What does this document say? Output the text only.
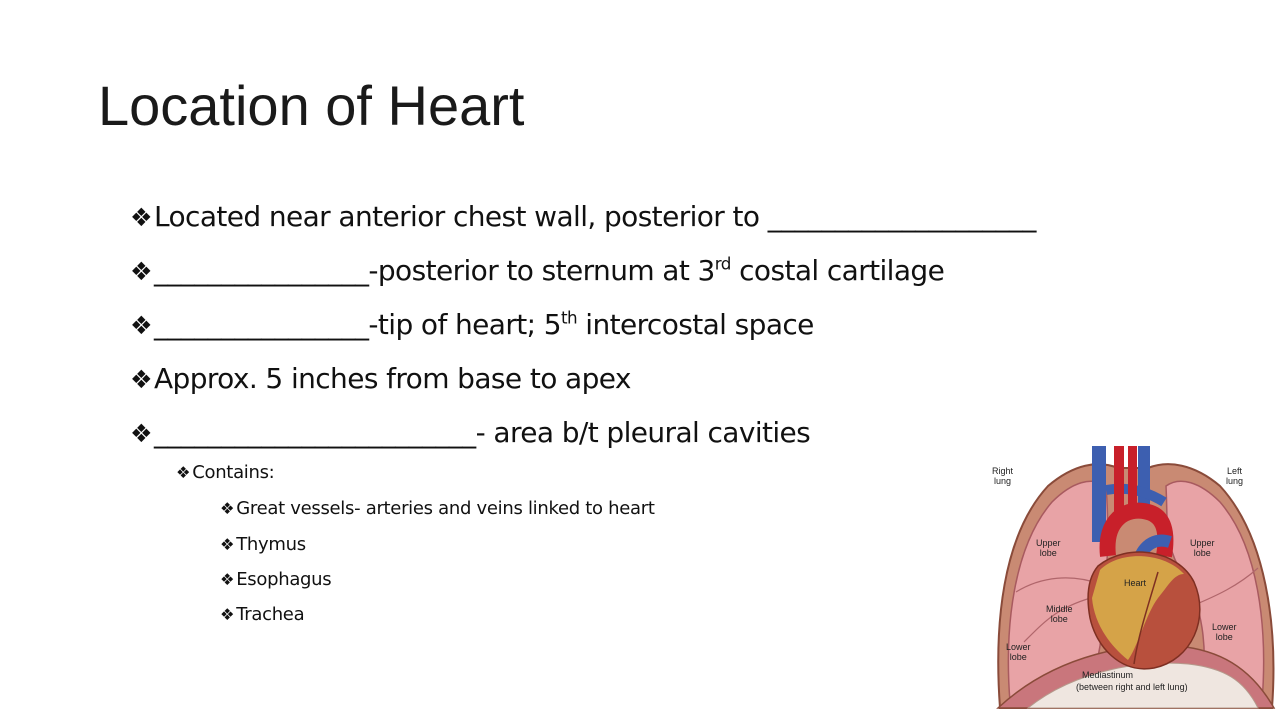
Location of Heart
❖Located near anterior chest wall, posterior to ____________________
❖________________-posterior to sternum at 3rd costal cartilage
❖________________-tip of heart; 5th intercostal space
❖Approx. 5 inches from base to apex
❖________________________- area b/t pleural cavities
❖ Contains:
❖ Great vessels- arteries and veins linked to heart
❖ Thymus
❖ Esophagus
❖ Trachea
Right
lung
Left
lung
Upper
lobe
Upper
lobe
Heart
Middle
lobe
Lower
lobe
Lower
lobe
Mediastinum
(between right and left lung)
